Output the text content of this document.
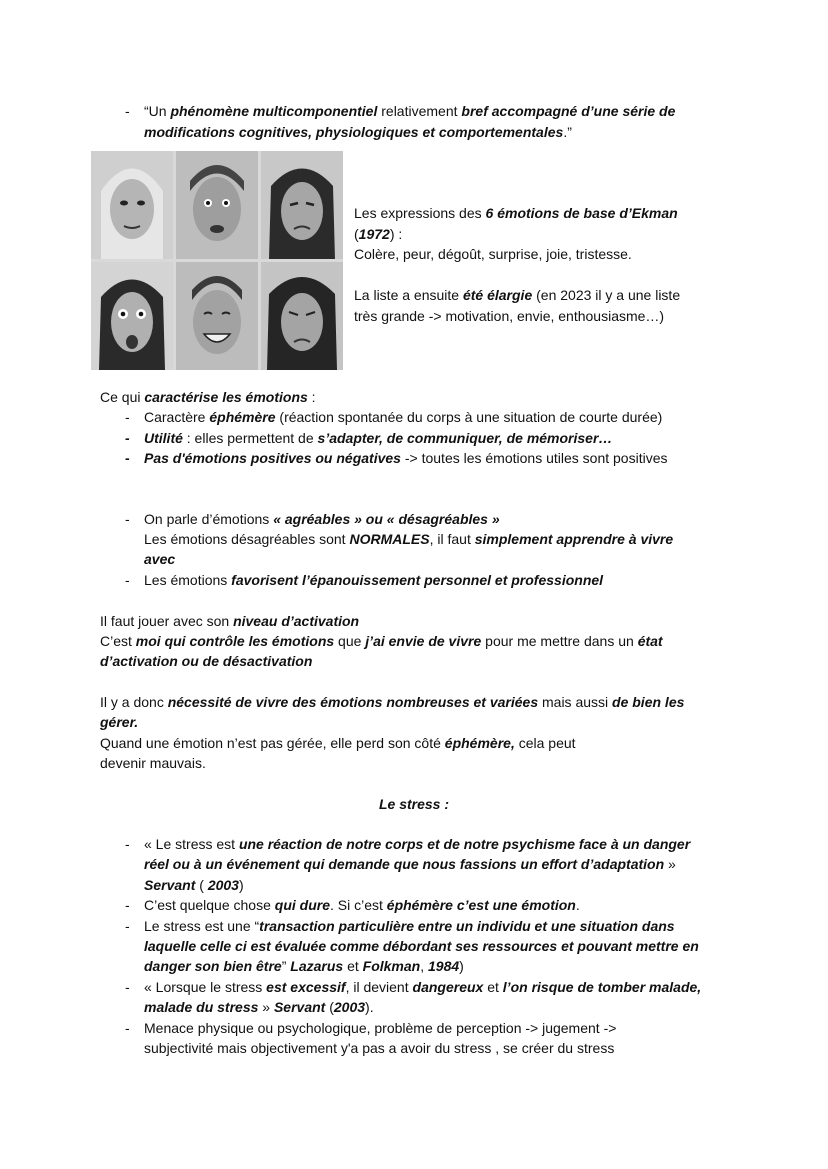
-	“Un phénomène multicomponentiel relativement bref accompagné d’une série de
modifications cognitives, physiologiques et comportementales.”
Les expressions des 6 émotions de base d’Ekman
(1972) :
Colère, peur, dégoût, surprise, joie, tristesse.
La liste a ensuite été élargie (en 2023 il y a une liste
très grande -> motivation, envie, enthousiasme…)
Ce qui caractérise les émotions :
-	Caractère éphémère (réaction spontanée du corps à une situation de courte durée)
-	Utilité : elles permettent de s’adapter, de communiquer, de mémoriser…
-	Pas d'émotions positives ou négatives -> toutes les émotions utiles sont positives
-	On parle d’émotions « agréables » ou « désagréables »
Les émotions désagréables sont NORMALES, il faut simplement apprendre à vivre
avec
-	Les émotions favorisent l’épanouissement personnel et professionnel
Il faut jouer avec son niveau d’activation
C’est moi qui contrôle les émotions que j’ai envie de vivre pour me mettre dans un état
d’activation ou de désactivation
Il y a donc nécessité de vivre des émotions nombreuses et variées mais aussi de bien les
gérer.
Quand une émotion n’est pas gérée, elle perd son côté éphémère, cela peut
devenir mauvais.
Le stress :
-	« Le stress est une réaction de notre corps et de notre psychisme face à un danger
réel ou à un événement qui demande que nous fassions un effort d’adaptation »
Servant ( 2003)
-	C’est quelque chose qui dure. Si c’est éphémère c’est une émotion.
-	Le stress est une “transaction particulière entre un individu et une situation dans
laquelle celle ci est évaluée comme débordant ses ressources et pouvant mettre en
danger son bien être” Lazarus et Folkman, 1984)
-	« Lorsque le stress est excessif, il devient dangereux et l’on risque de tomber malade,
malade du stress » Servant (2003).
-	Menace physique ou psychologique, problème de perception -> jugement ->
subjectivité mais objectivement y'a pas a avoir du stress , se créer du stress
